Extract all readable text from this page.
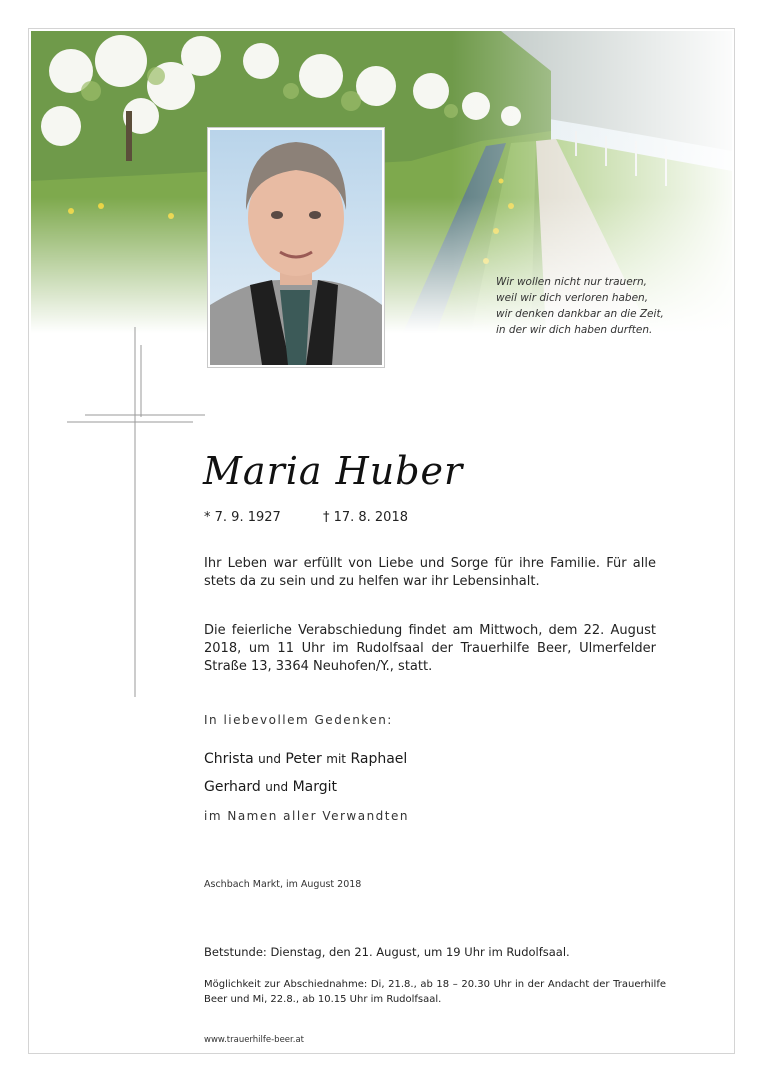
Wir wollen nicht nur trauern,
weil wir dich verloren haben,
wir denken dankbar an die Zeit,
in der wir dich haben durften.
Maria Huber
* 7. 9. 1927	† 17. 8. 2018
Ihr Leben war erfüllt von Liebe und Sorge für ihre Familie. Für alle stets da zu sein und zu helfen war ihr Lebensinhalt.
Die feierliche Verabschiedung findet am Mittwoch, dem 22. August 2018, um 11 Uhr im Rudolfsaal der Trauerhilfe Beer, Ulmerfelder Straße 13, 3364 Neuhofen/Y., statt.
In liebevollem Gedenken:
Christa und Peter mit Raphael
Gerhard und Margit
im Namen aller Verwandten
Aschbach Markt, im August 2018
Betstunde: Dienstag, den 21. August, um 19 Uhr im Rudolfsaal.
Möglichkeit zur Abschiednahme: Di, 21.8., ab 18 – 20.30 Uhr in der Andacht der Trauerhilfe Beer und Mi, 22.8., ab 10.15 Uhr im Rudolfsaal.
www.trauerhilfe-beer.at
